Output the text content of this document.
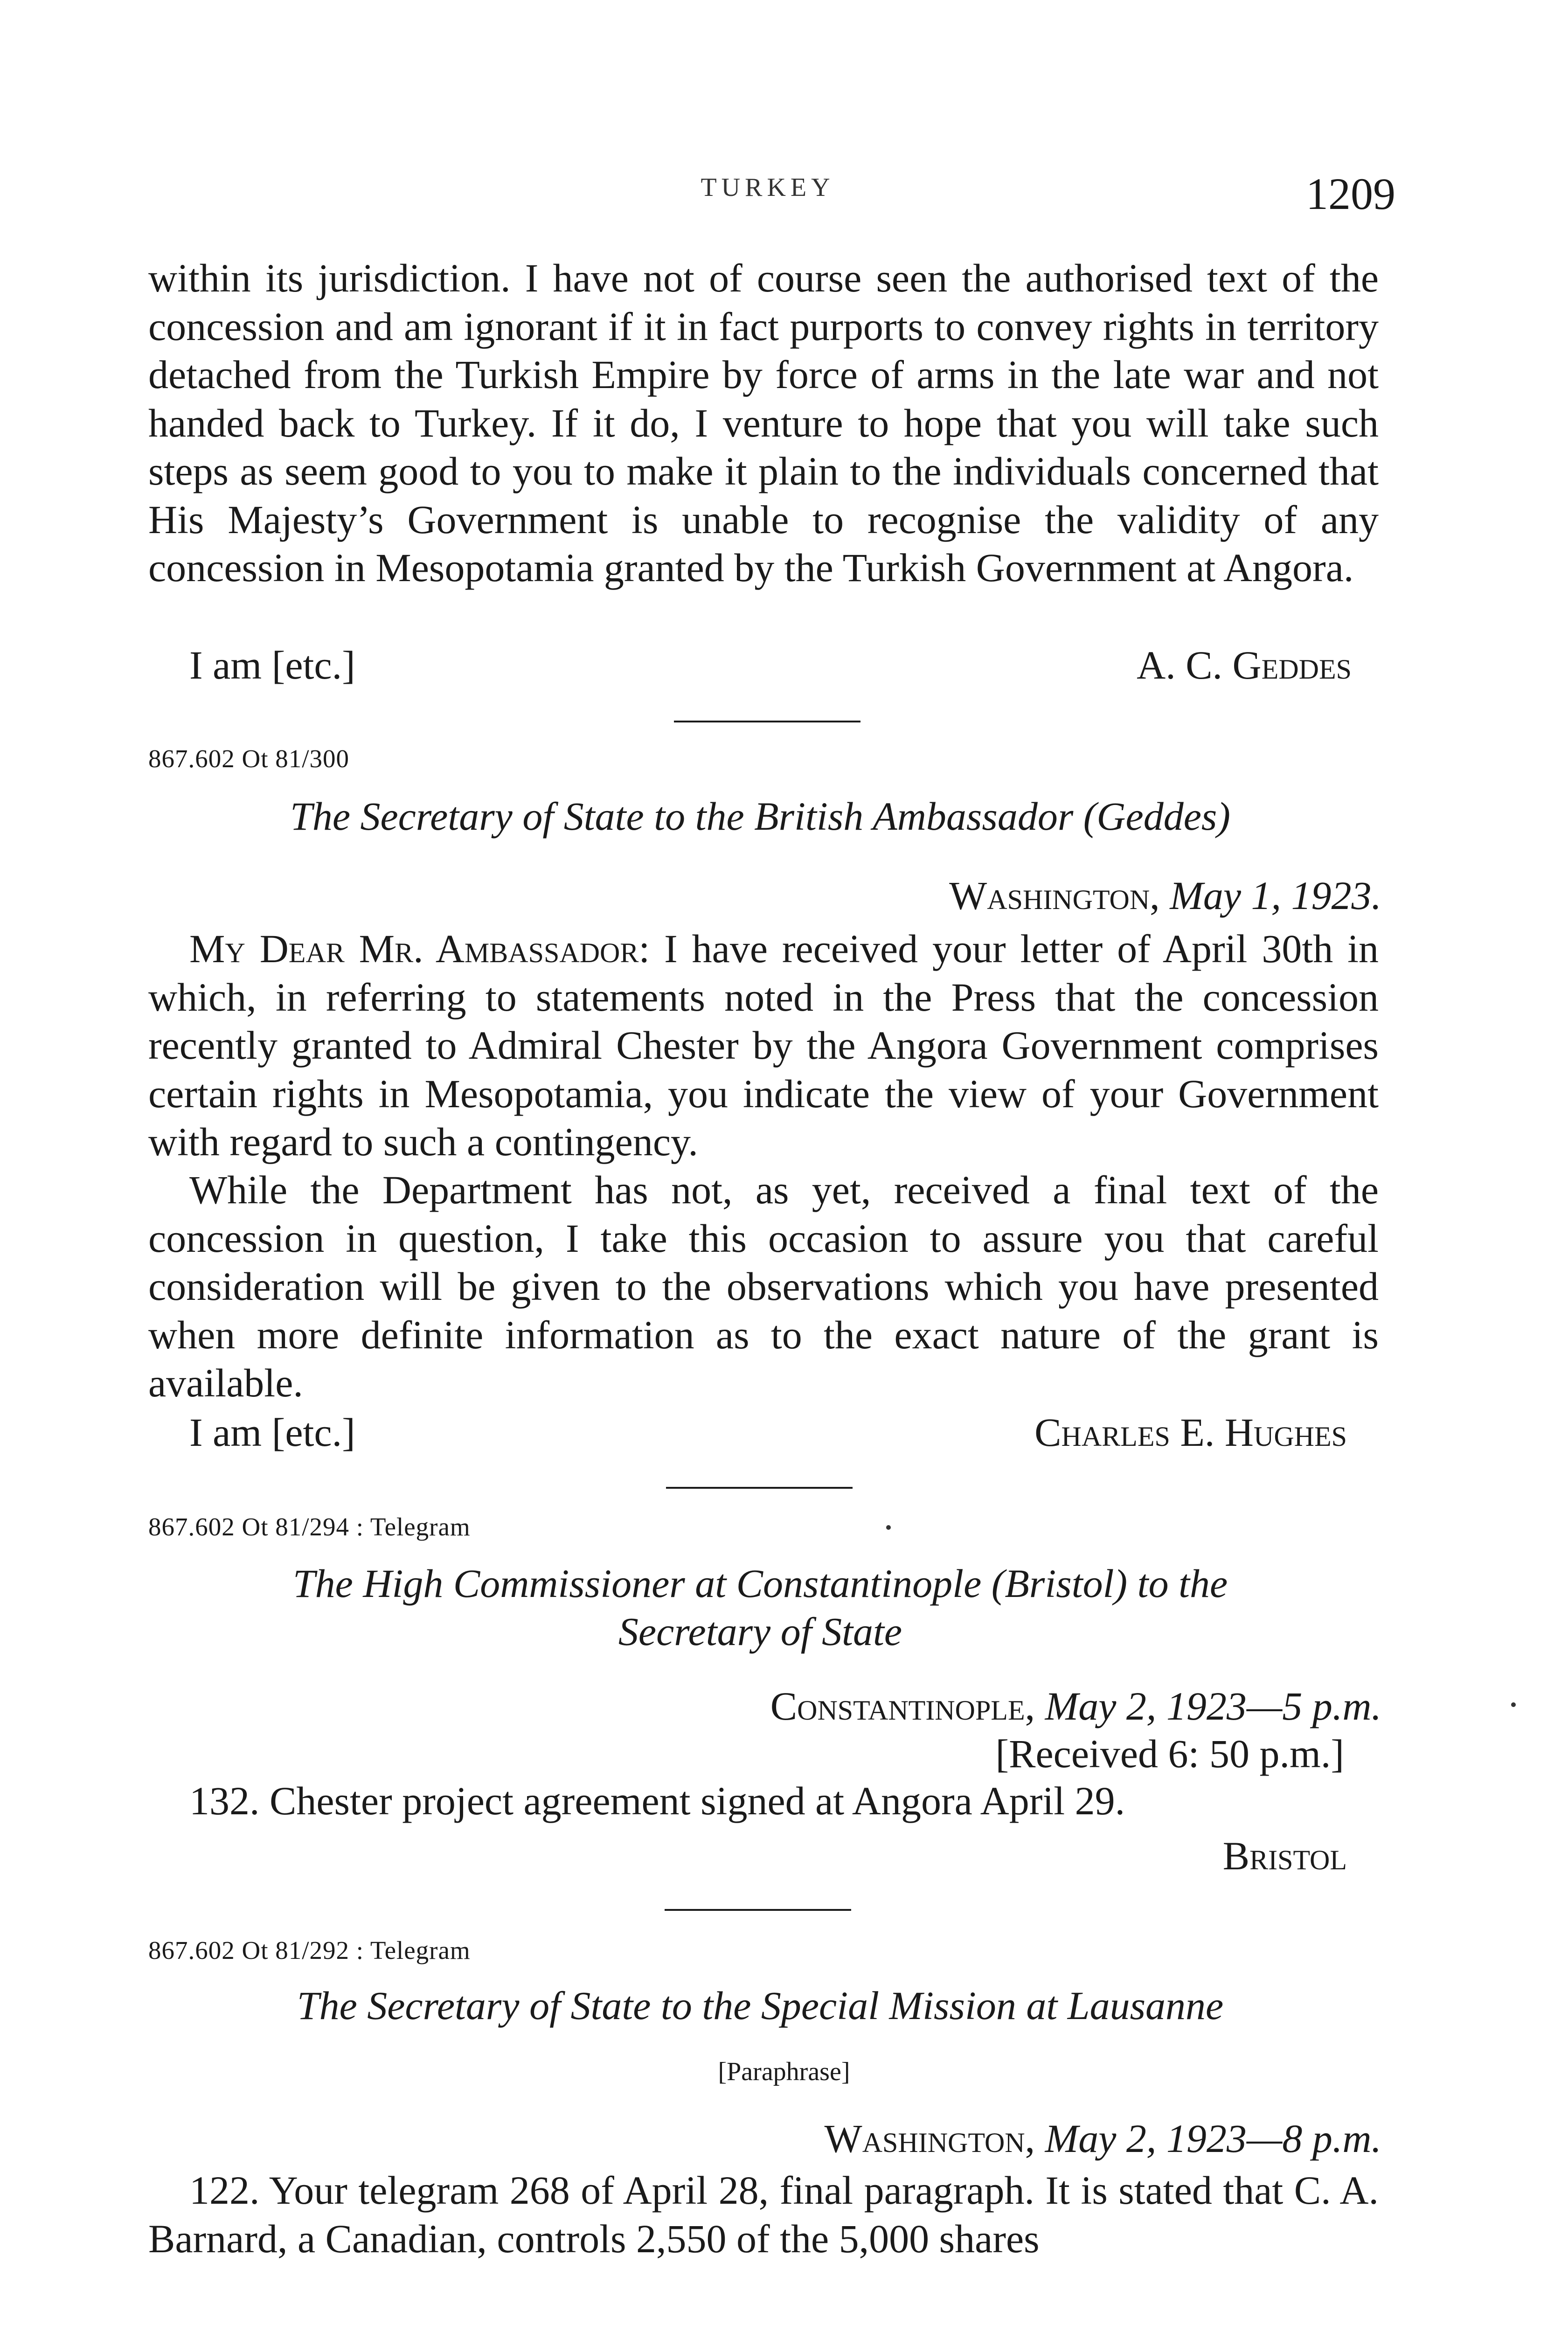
TURKEY	1209

within its jurisdiction. I have not of course seen the authorised text of the concession and am ignorant if it in fact purports to convey rights in territory detached from the Turkish Empire by force of arms in the late war and not handed back to Turkey. If it do, I venture to hope that you will take such steps as seem good to you to make it plain to the individuals concerned that His Majesty’s Government is unable to recognise the validity of any concession in Mesopotamia granted by the Turkish Government at Angora.

I am [etc.]	A. C. Geddes
867.602 Ot 81/300
The Secretary of State to the British Ambassador (Geddes)
Washington, May 1, 1923.

My Dear Mr. Ambassador: I have received your letter of April 30th in which, in referring to statements noted in the Press that the concession recently granted to Admiral Chester by the Angora Government comprises certain rights in Mesopotamia, you indicate the view of your Government with regard to such a contingency.

While the Department has not, as yet, received a final text of the concession in question, I take this occasion to assure you that careful consideration will be given to the observations which you have presented when more definite information as to the exact nature of the grant is available.

I am [etc.]	Charles E. Hughes
867.602 Ot 81/294 : Telegram
The High Commissioner at Constantinople (Bristol) to the
Secretary of State
Constantinople, May 2, 1923—5 p.m.
[Received 6: 50 p.m.]
132. Chester project agreement signed at Angora April 29.
Bristol
867.602 Ot 81/292 : Telegram
The Secretary of State to the Special Mission at Lausanne
[Paraphrase]
Washington, May 2, 1923—8 p.m.

122. Your telegram 268 of April 28, final paragraph. It is stated that C. A. Barnard, a Canadian, controls 2,550 of the 5,000 shares
